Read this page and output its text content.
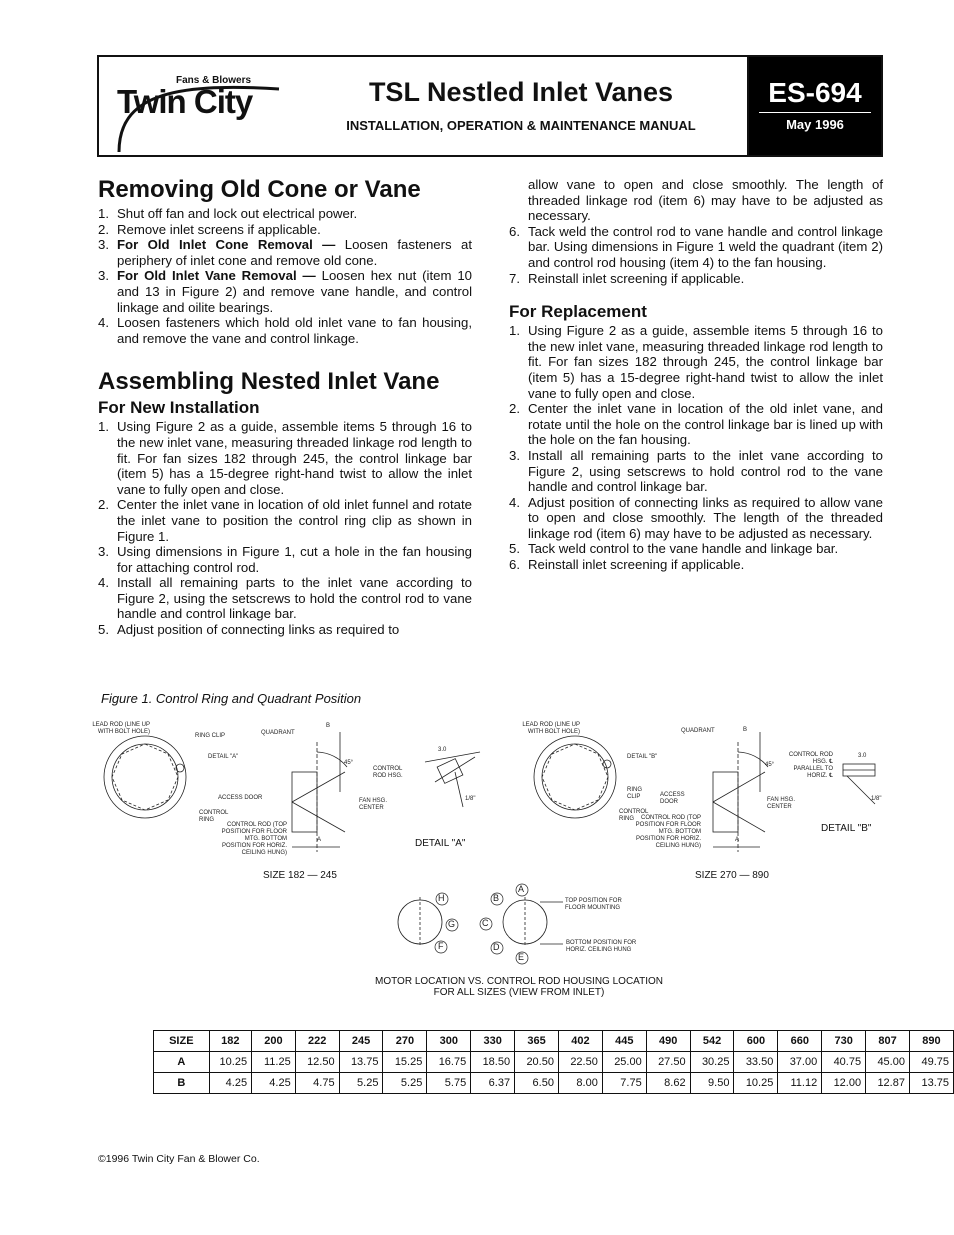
Fans & Blowers
Twin City	TSL Nestled Inlet Vanes
INSTALLATION, OPERATION & MAINTENANCE MANUAL
ES-694
May 1996
Removing Old Cone or Vane
1. Shut off fan and lock out electrical power.
2. Remove inlet screens if applicable.
3. For Old Inlet Cone Removal — Loosen fasteners at periphery of inlet cone and remove old cone.
3. For Old Inlet Vane Removal — Loosen hex nut (item 10 and 13 in Figure 2) and remove vane handle, and control linkage and oilite bearings.
4. Loosen fasteners which hold old inlet vane to fan housing, and remove the vane and control linkage.
Assembling Nested Inlet Vane
For New Installation
1. Using Figure 2 as a guide, assemble items 5 through 16 to the new inlet vane, measuring threaded linkage rod length to fit. For fan sizes 182 through 245, the control linkage bar (item 5) has a 15-degree right-hand twist to allow the inlet vane to fully open and close.
2. Center the inlet vane in location of old inlet funnel and rotate the inlet vane to position the control ring clip as shown in Figure 1.
3. Using dimensions in Figure 1, cut a hole in the fan housing for attaching control rod.
4. Install all remaining parts to the inlet vane according to Figure 2, using the setscrews to hold the control rod to vane handle and control linkage bar.
5. Adjust position of connecting links as required to
allow vane to open and close smoothly. The length of threaded linkage rod (item 6) may have to be adjusted as necessary.
6. Tack weld the control rod to vane handle and control linkage bar. Using dimensions in Figure 1 weld the quadrant (item 2) and control rod housing (item 4) to the fan housing.
7. Reinstall inlet screening if applicable.
For Replacement
1. Using Figure 2 as a guide, assemble items 5 through 16 to the new inlet vane, measuring threaded linkage rod length to fit. For fan sizes 182 through 245, the control linkage bar (item 5) has a 15-degree right-hand twist to allow the inlet vane to fully open and close.
2. Center the inlet vane in location of the old inlet vane, and rotate until the hole on the control linkage bar is lined up with the hole on the fan housing.
3. Install all remaining parts to the inlet vane according to Figure 2, using setscrews to hold control rod to the vane handle and control linkage bar.
4. Adjust position of connecting links as required to allow vane to open and close smoothly. The length of the threaded linkage rod (item 6) may have to be adjusted as necessary.
5. Tack weld control to the vane handle and linkage bar.
6. Reinstall inlet screening if applicable.
Figure 1. Control Ring and Quadrant Position
LEAD ROD (LINE UP WITH BOLT HOLE)
RING CLIP	QUADRANT
B
DETAIL "A"
45°
CONTROL ROD HSG.
3.0
ACCESS DOOR	FAN HSG. CENTER
1/8"
CONTROL RING
CONTROL ROD (TOP POSITION FOR FLOOR MTG. BOTTOM POSITION FOR HORIZ. CEILING HUNG)
A	DETAIL "A"
SIZE 182 — 245
LEAD ROD (LINE UP WITH BOLT HOLE)	QUADRANT	B
DETAIL "B"
45°
CONTROL ROD HSG. ℄ PARALLEL TO HORIZ. ℄
3.0
RING CLIP	ACCESS DOOR	FAN HSG. CENTER
1/8"
CONTROL RING	CONTROL ROD (TOP POSITION FOR FLOOR MTG. BOTTOM POSITION FOR HORIZ. CEILING HUNG)
A
DETAIL "B"
SIZE 270 — 890
H
G
F
B
A
C
D
E
TOP POSITION FOR FLOOR MOUNTING
BOTTOM POSITION FOR HORIZ. CEILING HUNG
MOTOR LOCATION VS. CONTROL ROD HOUSING LOCATION
FOR ALL SIZES (VIEW FROM INLET)
SIZE	182	200	222	245	270	300	330	365	402	445	490	542	600	660	730	807	890
A	10.25	11.25	12.50	13.75	15.25	16.75	18.50	20.50	22.50	25.00	27.50	30.25	33.50	37.00	40.75	45.00	49.75
B	4.25	4.25	4.75	5.25	5.25	5.75	6.37	6.50	8.00	7.75	8.62	9.50	10.25	11.12	12.00	12.87	13.75
©1996 Twin City Fan & Blower Co.
